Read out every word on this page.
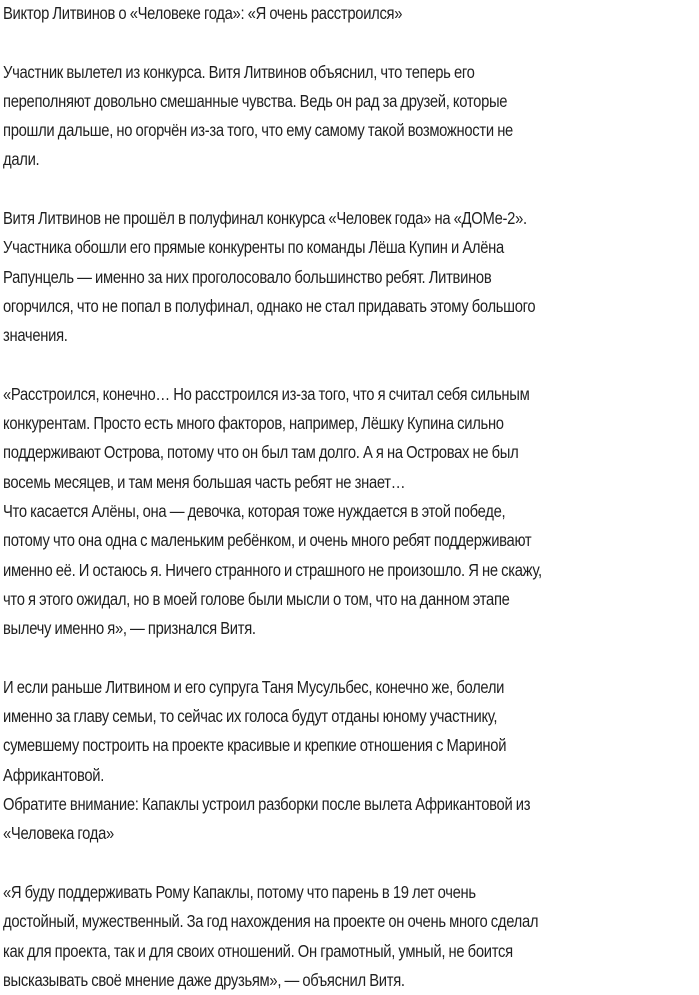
Виктор Литвинов о «Человеке года»: «Я очень расстроился»
Участник вылетел из конкурса. Витя Литвинов объяснил, что теперь его
переполняют довольно смешанные чувства. Ведь он рад за друзей, которые
прошли дальше, но огорчён из-за того, что ему самому такой возможности не
дали.
Витя Литвинов не прошёл в полуфинал конкурса «Человек года» на «ДОМе-2».
Участника обошли его прямые конкуренты по команды Лёша Купин и Алёна
Рапунцель — именно за них проголосовало большинство ребят. Литвинов
огорчился, что не попал в полуфинал, однако не стал придавать этому большого
значения.
«Расстроился, конечно… Но расстроился из-за того, что я считал себя сильным
конкурентам. Просто есть много факторов, например, Лёшку Купина сильно
поддерживают Острова, потому что он был там долго. А я на Островах не был
восемь месяцев, и там меня большая часть ребят не знает…
Что касается Алёны, она — девочка, которая тоже нуждается в этой победе,
потому что она одна с маленьким ребёнком, и очень много ребят поддерживают
именно её. И остаюсь я. Ничего странного и страшного не произошло. Я не скажу,
что я этого ожидал, но в моей голове были мысли о том, что на данном этапе
вылечу именно я», — признался Витя.
И если раньше Литвином и его супруга Таня Мусульбес, конечно же, болели
именно за главу семьи, то сейчас их голоса будут отданы юному участнику,
сумевшему построить на проекте красивые и крепкие отношения с Мариной
Африкантовой.
Обратите внимание: Капаклы устроил разборки после вылета Африкантовой из
«Человека года»
«Я буду поддерживать Рому Капаклы, потому что парень в 19 лет очень
достойный, мужественный. За год нахождения на проекте он очень много сделал
как для проекта, так и для своих отношений. Он грамотный, умный, не боится
высказывать своё мнение даже друзьям», — объяснил Витя.
